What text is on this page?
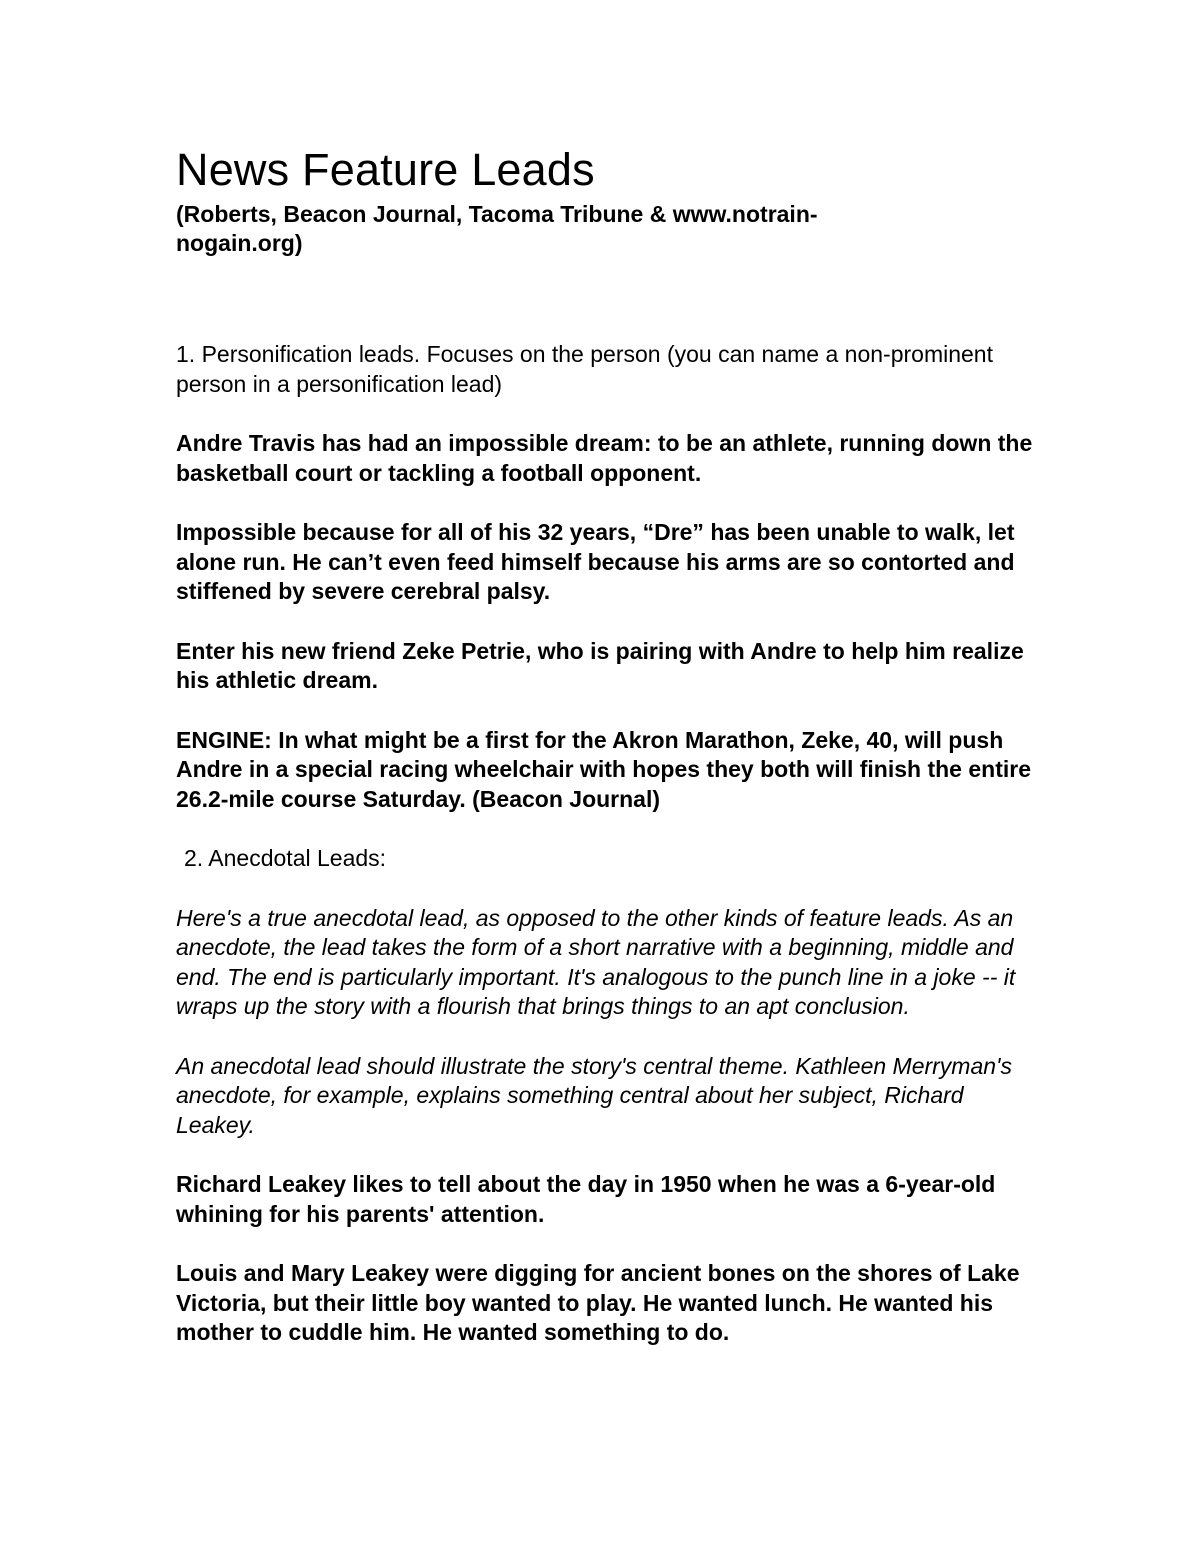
News Feature Leads

(Roberts, Beacon Journal, Tacoma Tribune & www.notrain-nogain.org)

1. Personification leads. Focuses on the person (you can name a non-prominent person in a personification lead)

Andre Travis has had an impossible dream: to be an athlete, running down the basketball court or tackling a football opponent.

Impossible because for all of his 32 years, “Dre” has been unable to walk, let alone run. He can’t even feed himself because his arms are so contorted and stiffened by severe cerebral palsy.

Enter his new friend Zeke Petrie, who is pairing with Andre to help him realize his athletic dream.

ENGINE: In what might be a first for the Akron Marathon, Zeke, 40, will push Andre in a special racing wheelchair with hopes they both will finish the entire 26.2-mile course Saturday. (Beacon Journal)

2. Anecdotal Leads:

Here's a true anecdotal lead, as opposed to the other kinds of feature leads. As an anecdote, the lead takes the form of a short narrative with a beginning, middle and end. The end is particularly important. It's analogous to the punch line in a joke -- it wraps up the story with a flourish that brings things to an apt conclusion.

An anecdotal lead should illustrate the story's central theme. Kathleen Merryman's anecdote, for example, explains something central about her subject, Richard Leakey.

Richard Leakey likes to tell about the day in 1950 when he was a 6-year-old whining for his parents' attention.

Louis and Mary Leakey were digging for ancient bones on the shores of Lake Victoria, but their little boy wanted to play. He wanted lunch. He wanted his mother to cuddle him. He wanted something to do.
